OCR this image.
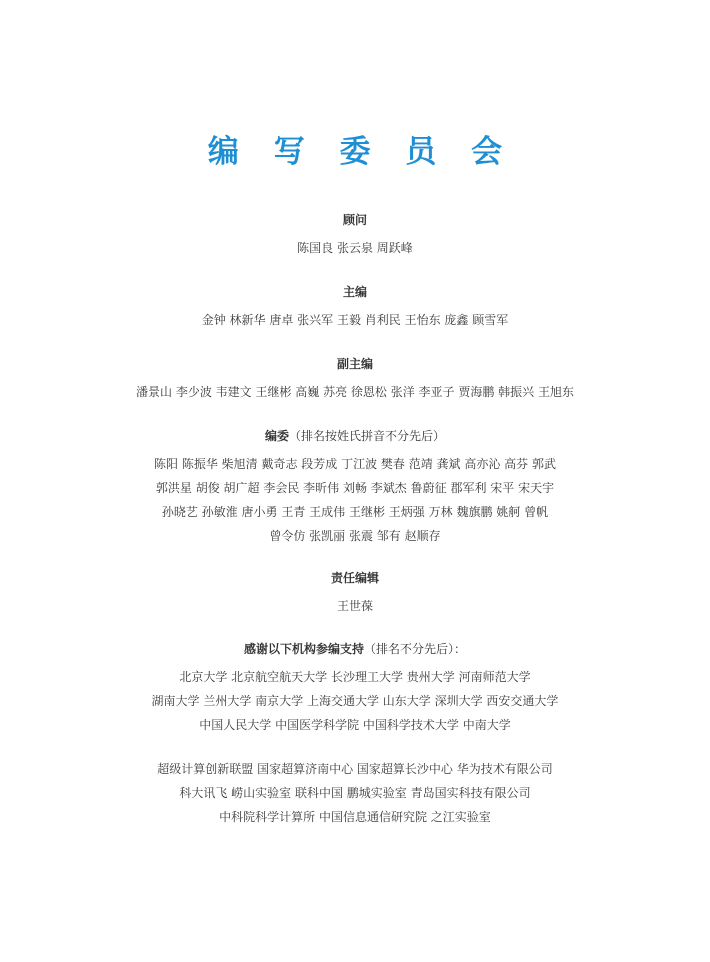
编 写 委 员 会
顾问
陈国良 张云泉 周跃峰
主编
金钟 林新华 唐卓 张兴军 王毅 肖利民 王怡东 庞鑫 顾雪军
副主编
潘景山 李少波 韦建文 王继彬 高巍 苏亮 徐恩松 张洋 李亚子 贾海鹏 韩振兴 王旭东
编委（排名按姓氏拼音不分先后）
陈阳 陈振华 柴旭清 戴奇志 段芳成 丁江波 樊春 范靖 龚斌 高亦沁 高芬 郭武
郭洪星 胡俊 胡广超 李会民 李昕伟 刘畅 李斌杰 鲁蔚征 郡军利 宋平 宋天宇
孙晓艺 孙敏淮 唐小勇 王青 王成伟 王继彬 王炳强 万林 魏旗鹏 姚舸 曾帆
曾令仿 张凯丽 张震 邹有 赵顺存
责任编辑
王世葆
感谢以下机构参编支持（排名不分先后）：
北京大学 北京航空航天大学 长沙理工大学 贵州大学 河南师范大学
湖南大学 兰州大学 南京大学 上海交通大学 山东大学 深圳大学 西安交通大学
中国人民大学 中国医学科学院 中国科学技术大学 中南大学
超级计算创新联盟 国家超算济南中心 国家超算长沙中心 华为技术有限公司
科大讯飞 崂山实验室 联科中国 鹏城实验室 青岛国实科技有限公司
中科院科学计算所 中国信息通信研究院 之江实验室
